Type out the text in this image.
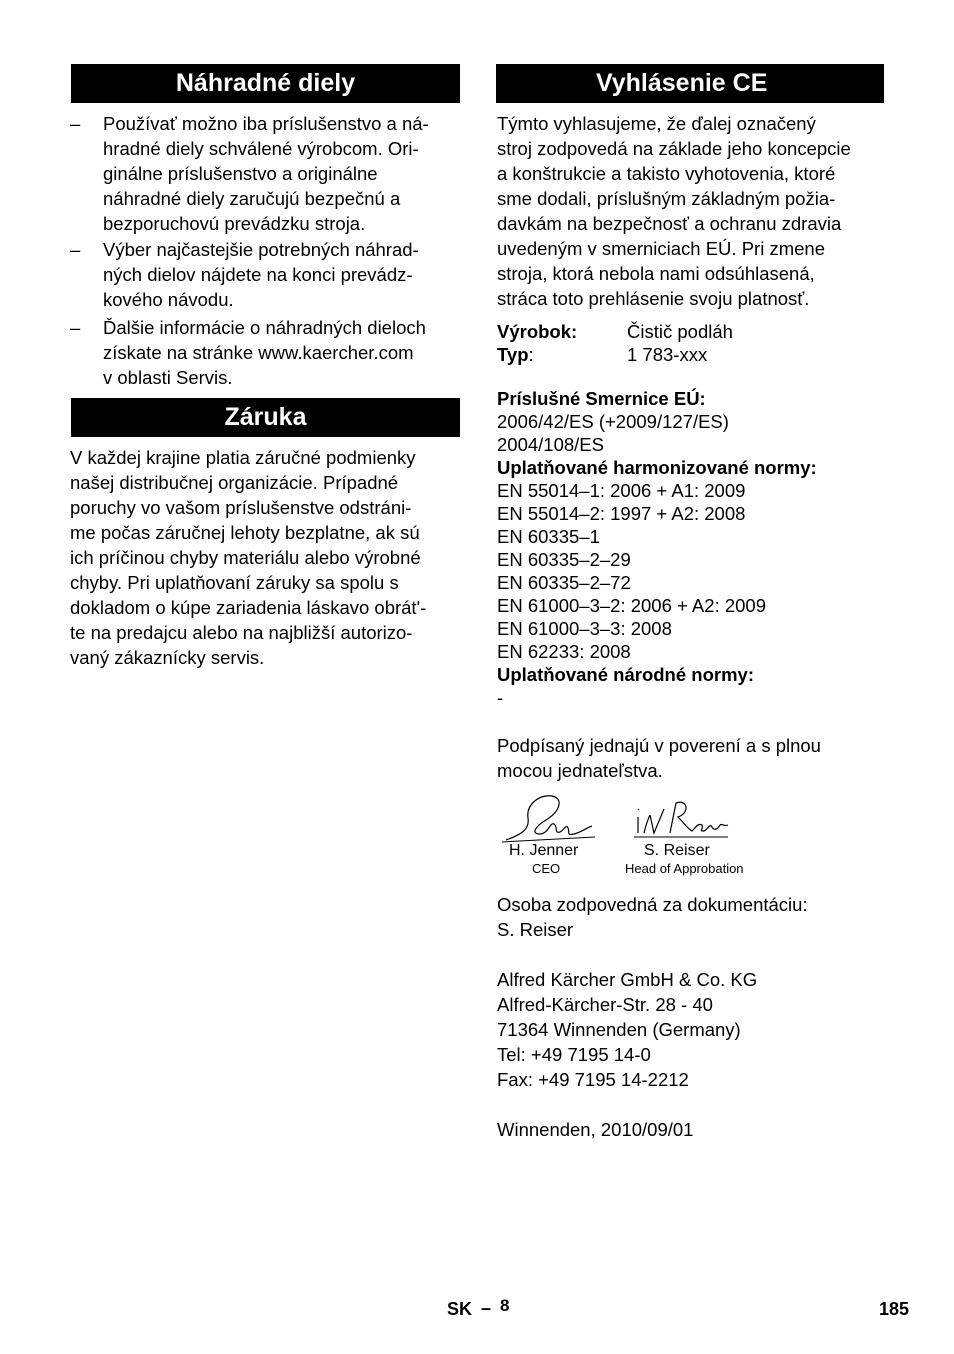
Náhradné diely
–	Používať možno iba príslušenstvo a ná-
hradné diely schválené výrobcom. Ori-
ginálne príslušenstvo a originálne
náhradné diely zaručujú bezpečnú a
bezporuchovú prevádzku stroja.
–	Výber najčastejšie potrebných náhrad-
ných dielov nájdete na konci prevádz-
kového návodu.
–	Ďalšie informácie o náhradných dieloch
získate na stránke www.kaercher.com
v oblasti Servis.
Záruka
V každej krajine platia záručné podmienky
našej distribučnej organizácie. Prípadné
poruchy vo vašom príslušenstve odstráni-
me počas záručnej lehoty bezplatne, ak sú
ich príčinou chyby materiálu alebo výrobné
chyby. Pri uplatňovaní záruky sa spolu s
dokladom o kúpe zariadenia láskavo obrát'-
te na predajcu alebo na najbližší autorizo-
vaný zákaznícky servis.
Vyhlásenie CE
Týmto vyhlasujeme, že ďalej označený
stroj zodpovedá na základe jeho koncepcie
a konštrukcie a takisto vyhotovenia, ktoré
sme dodali, príslušným základným požia-
davkám na bezpečnosť a ochranu zdravia
uvedeným v smerniciach EÚ. Pri zmene
stroja, ktorá nebola nami odsúhlasená,
stráca toto prehlásenie svoju platnosť.
Výrobok:	Čistič podláh
Typ:	1 783-xxx
Príslušné Smernice EÚ:
2006/42/ES (+2009/127/ES)
2004/108/ES
Uplatňované harmonizované normy:
EN 55014–1: 2006 + A1: 2009
EN 55014–2: 1997 + A2: 2008
EN 60335–1
EN 60335–2–29
EN 60335–2–72
EN 61000–3–2: 2006 + A2: 2009
EN 61000–3–3: 2008
EN 62233: 2008
Uplatňované národné normy:
-
Podpísaný jednajú v poverení a s plnou
mocou jednateľstva.
H. Jenner
CEO
S. Reiser
Head of Approbation
Osoba zodpovedná za dokumentáciu:
S. Reiser
Alfred Kärcher GmbH & Co. KG
Alfred-Kärcher-Str. 28 - 40
71364 Winnenden (Germany)
Tel: +49 7195 14-0
Fax: +49 7195 14-2212
Winnenden, 2010/09/01
SK – 8	185
